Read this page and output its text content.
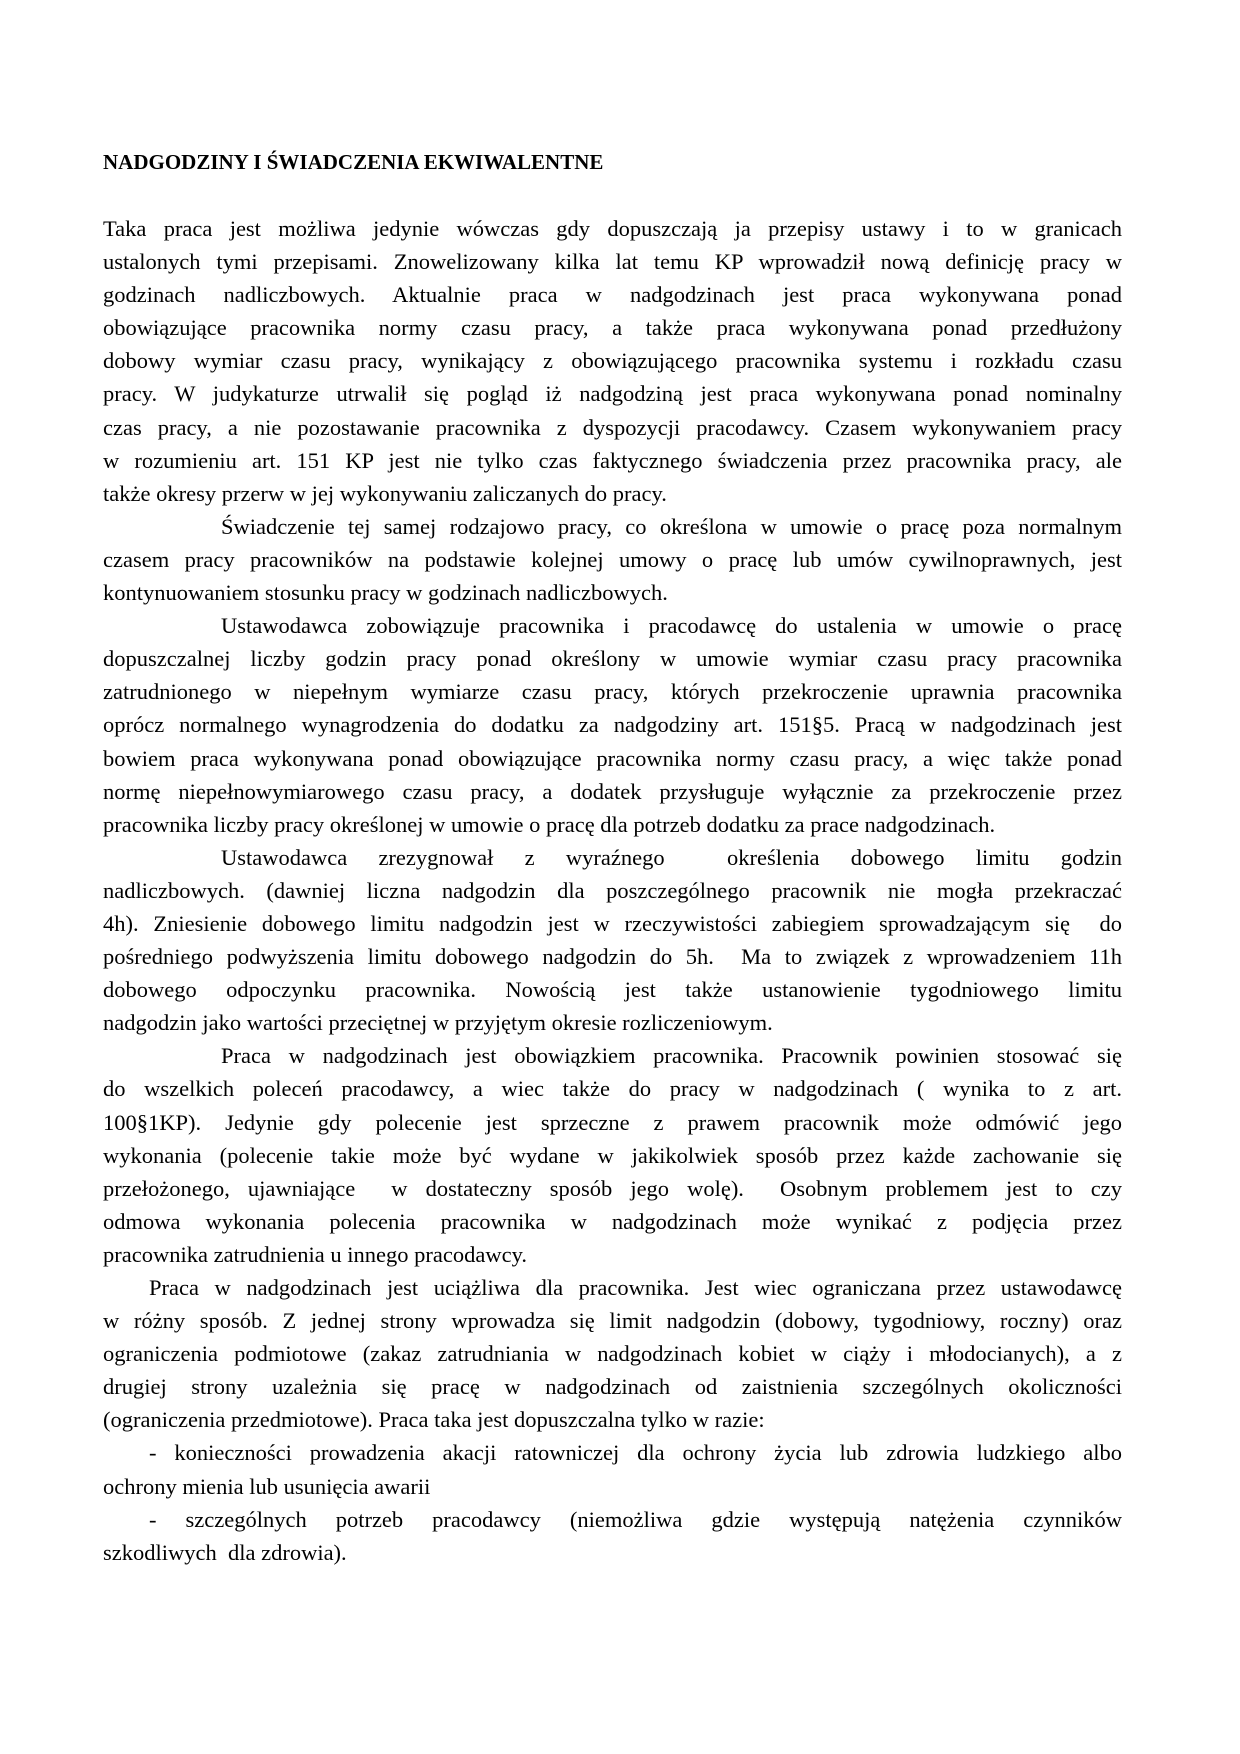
NADGODZINY I ŚWIADCZENIA EKWIWALENTNE
Taka praca jest możliwa jedynie wówczas gdy dopuszczają ja przepisy ustawy i to w granicach
ustalonych tymi przepisami. Znowelizowany kilka lat temu KP wprowadził nową definicję pracy w
godzinach nadliczbowych. Aktualnie praca w nadgodzinach jest praca wykonywana ponad
obowiązujące pracownika normy czasu pracy, a także praca wykonywana ponad przedłużony
dobowy wymiar czasu pracy, wynikający z obowiązującego pracownika systemu i rozkładu czasu
pracy. W judykaturze utrwalił się pogląd iż nadgodziną jest praca wykonywana ponad nominalny
czas pracy, a nie pozostawanie pracownika z dyspozycji pracodawcy. Czasem wykonywaniem pracy
w rozumieniu art. 151 KP jest nie tylko czas faktycznego świadczenia przez pracownika pracy, ale
także okresy przerw w jej wykonywaniu zaliczanych do pracy.
Świadczenie tej samej rodzajowo pracy, co określona w umowie o pracę poza normalnym
czasem pracy pracowników na podstawie kolejnej umowy o pracę lub umów cywilnoprawnych, jest
kontynuowaniem stosunku pracy w godzinach nadliczbowych.
Ustawodawca zobowiązuje pracownika i pracodawcę do ustalenia w umowie o pracę
dopuszczalnej liczby godzin pracy ponad określony w umowie wymiar czasu pracy pracownika
zatrudnionego w niepełnym wymiarze czasu pracy, których przekroczenie uprawnia pracownika
oprócz normalnego wynagrodzenia do dodatku za nadgodziny art. 151§5. Pracą w nadgodzinach jest
bowiem praca wykonywana ponad obowiązujące pracownika normy czasu pracy, a więc także ponad
normę niepełnowymiarowego czasu pracy, a dodatek przysługuje wyłącznie za przekroczenie przez
pracownika liczby pracy określonej w umowie o pracę dla potrzeb dodatku za prace nadgodzinach.
Ustawodawca zrezygnował z wyraźnego  określenia dobowego limitu godzin
nadliczbowych. (dawniej liczna nadgodzin dla poszczególnego pracownik nie mogła przekraczać
4h). Zniesienie dobowego limitu nadgodzin jest w rzeczywistości zabiegiem sprowadzającym się  do
pośredniego podwyższenia limitu dobowego nadgodzin do 5h.  Ma to związek z wprowadzeniem 11h
dobowego odpoczynku pracownika. Nowością jest także ustanowienie tygodniowego limitu
nadgodzin jako wartości przeciętnej w przyjętym okresie rozliczeniowym.
Praca w nadgodzinach jest obowiązkiem pracownika. Pracownik powinien stosować się
do wszelkich poleceń pracodawcy, a wiec także do pracy w nadgodzinach ( wynika to z art.
100§1KP). Jedynie gdy polecenie jest sprzeczne z prawem pracownik może odmówić jego
wykonania (polecenie takie może być wydane w jakikolwiek sposób przez każde zachowanie się
przełożonego, ujawniające  w dostateczny sposób jego wolę).  Osobnym problemem jest to czy
odmowa wykonania polecenia pracownika w nadgodzinach może wynikać z podjęcia przez
pracownika zatrudnienia u innego pracodawcy.
Praca w nadgodzinach jest uciążliwa dla pracownika. Jest wiec ograniczana przez ustawodawcę
w różny sposób. Z jednej strony wprowadza się limit nadgodzin (dobowy, tygodniowy, roczny) oraz
ograniczenia podmiotowe (zakaz zatrudniania w nadgodzinach kobiet w ciąży i młodocianych), a z
drugiej strony uzależnia się pracę w nadgodzinach od zaistnienia szczególnych okoliczności
(ograniczenia przedmiotowe). Praca taka jest dopuszczalna tylko w razie:
- konieczności prowadzenia akacji ratowniczej dla ochrony życia lub zdrowia ludzkiego albo
ochrony mienia lub usunięcia awarii
- szczególnych potrzeb pracodawcy (niemożliwa gdzie występują natężenia czynników
szkodliwych  dla zdrowia).
